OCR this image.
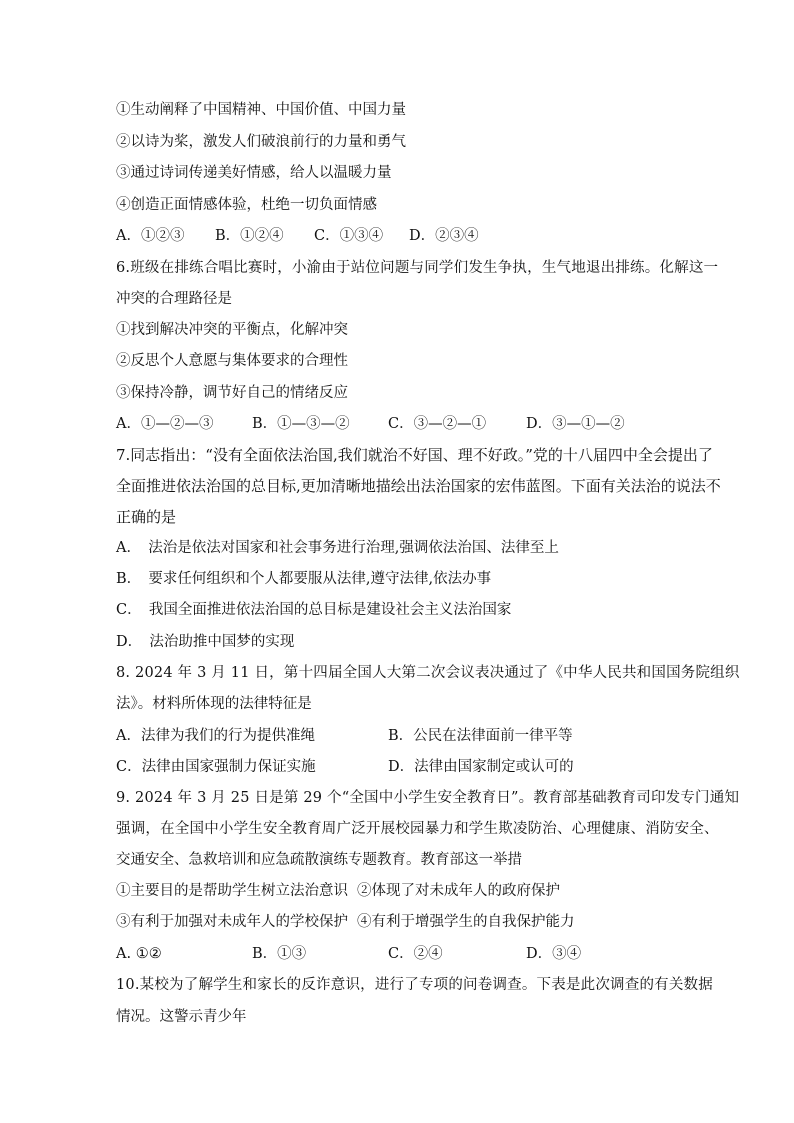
①生动阐释了中国精神、中国价值、中国力量
②以诗为桨，激发人们破浪前行的力量和勇气
③通过诗词传递美好情感，给人以温暖力量
④创造正面情感体验，杜绝一切负面情感
A．①②③ B．①②④ C．①③④ D．②③④
6.班级在排练合唱比赛时，小渝由于站位问题与同学们发生争执，生气地退出排练。化解这一
冲突的合理路径是
①找到解决冲突的平衡点，化解冲突
②反思个人意愿与集体要求的合理性
③保持冷静，调节好自己的情绪反应
A．①—②—③	B．①—③—②	C．③—②—①	D．③—①—②
7.同志指出：“没有全面依法治国,我们就治不好国、理不好政。”党的十八届四中全会提出了
全面推进依法治国的总目标,更加清晰地描绘出法治国家的宏伟蓝图。下面有关法治的说法不
正确的是
A．　法治是依法对国家和社会事务进行治理,强调依法治国、法律至上
B．　要求任何组织和个人都要服从法律,遵守法律,依法办事
C．　我国全面推进依法治国的总目标是建设社会主义法治国家
D．　法治助推中国梦的实现
8. 2024 年 3 月 11 日，第十四届全国人大第二次会议表决通过了《中华人民共和国国务院组织
法》。材料所体现的法律特征是
A．法律为我们的行为提供准绳	B．公民在法律面前一律平等
C．法律由国家强制力保证实施	D．法律由国家制定或认可的
9. 2024 年 3 月 25 日是第 29 个“全国中小学生安全教育日”。教育部基础教育司印发专门通知
强调，在全国中小学生安全教育周广泛开展校园暴力和学生欺凌防治、心理健康、消防安全、
交通安全、急救培训和应急疏散演练专题教育。教育部这一举措
①主要目的是帮助学生树立法治意识 ②体现了对未成年人的政府保护
③有利于加强对未成年人的学校保护 ④有利于增强学生的自我保护能力
A. ①②	B．①③	C．②④	D．③④
10.某校为了解学生和家长的反诈意识，进行了专项的问卷调查。下表是此次调查的有关数据
情况。这警示青少年
